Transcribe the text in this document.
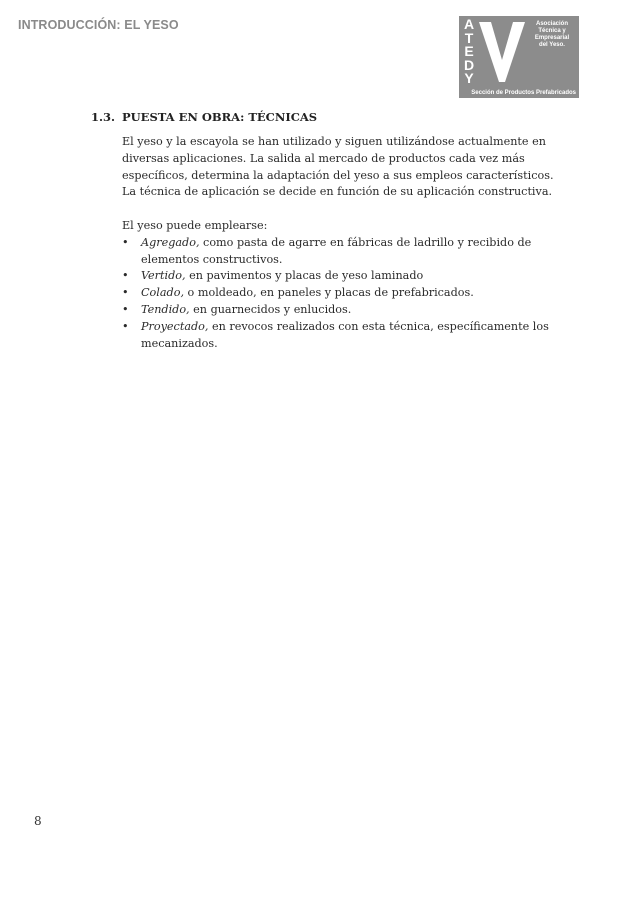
INTRODUCCIÓN: EL YESO	A
T
E
D
Y
Asociación
Técnica y
Empresarial
del Yeso.
Sección de Productos Prefabricados
1.3. PUESTA EN OBRA: TÉCNICAS

El yeso y la escayola se han utilizado y siguen utilizándose actualmente en diversas aplicaciones. La salida al mercado de productos cada vez más específicos, determina la adaptación del yeso a sus empleos característicos.

La técnica de aplicación se decide en función de su aplicación constructiva.

El yeso puede emplearse:

• Agregado, como pasta de agarre en fábricas de ladrillo y recibido de elementos constructivos.
• Vertido, en pavimentos y placas de yeso laminado
• Colado, o moldeado, en paneles y placas de prefabricados.
• Tendido, en guarnecidos y enlucidos.
• Proyectado, en revocos realizados con esta técnica, específicamente los mecanizados.
8
